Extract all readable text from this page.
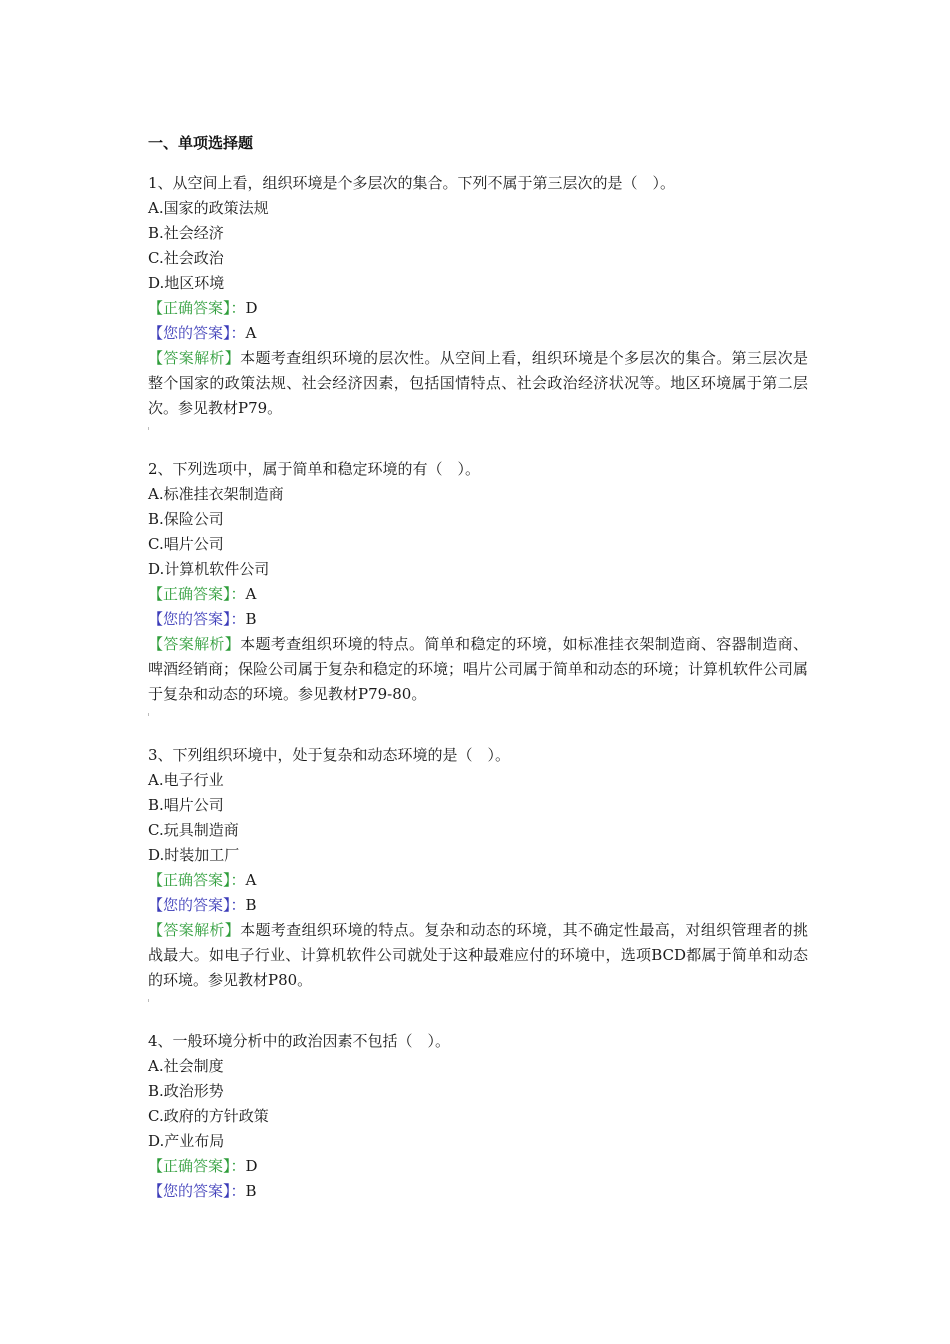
一、单项选择题
1、从空间上看，组织环境是个多层次的集合。下列不属于第三层次的是（　）。
A.国家的政策法规
B.社会经济
C.社会政治
D.地区环境
【正确答案】：D
【您的答案】：A
【答案解析】本题考查组织环境的层次性。从空间上看，组织环境是个多层次的集合。第三层次是整个国家的政策法规、社会经济因素，包括国情特点、社会政治经济状况等。地区环境属于第二层次。参见教材P79。
2、下列选项中，属于简单和稳定环境的有（　）。
A.标准挂衣架制造商
B.保险公司
C.唱片公司
D.计算机软件公司
【正确答案】：A
【您的答案】：B
【答案解析】本题考查组织环境的特点。简单和稳定的环境，如标准挂衣架制造商、容器制造商、啤酒经销商；保险公司属于复杂和稳定的环境；唱片公司属于简单和动态的环境；计算机软件公司属于复杂和动态的环境。参见教材P79-80。
3、下列组织环境中，处于复杂和动态环境的是（　）。
A.电子行业
B.唱片公司
C.玩具制造商
D.时装加工厂
【正确答案】：A
【您的答案】：B
【答案解析】本题考查组织环境的特点。复杂和动态的环境，其不确定性最高，对组织管理者的挑战最大。如电子行业、计算机软件公司就处于这种最难应付的环境中，选项BCD都属于简单和动态的环境。参见教材P80。
4、一般环境分析中的政治因素不包括（　）。
A.社会制度
B.政治形势
C.政府的方针政策
D.产业布局
【正确答案】：D
【您的答案】：B
